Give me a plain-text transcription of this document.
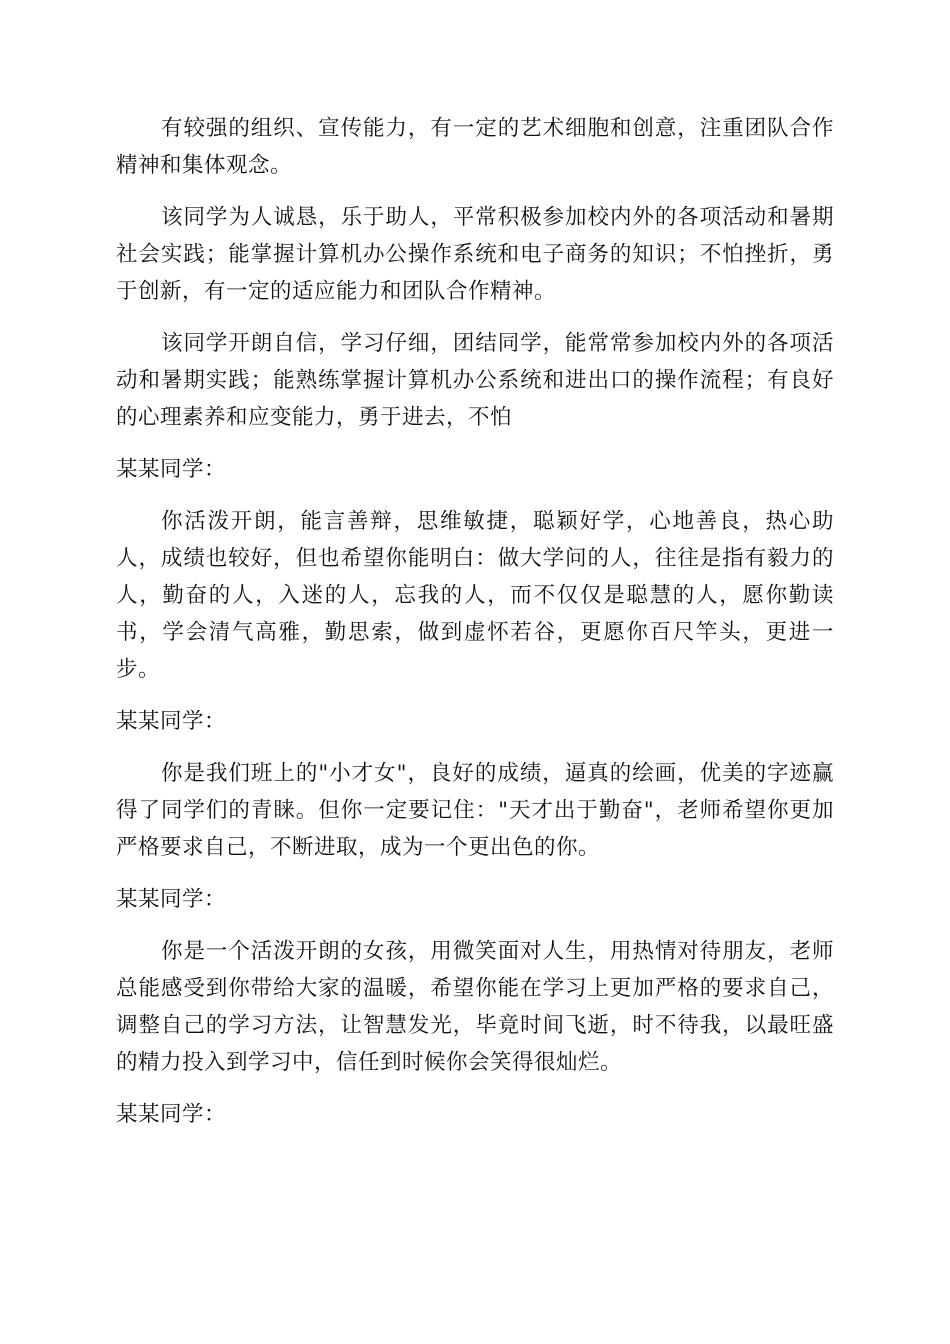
有较强的组织、宣传能力，有一定的艺术细胞和创意，注重团队合作精神和集体观念。

该同学为人诚恳，乐于助人，平常积极参加校内外的各项活动和暑期社会实践；能掌握计算机办公操作系统和电子商务的知识；不怕挫折，勇于创新，有一定的适应能力和团队合作精神。

该同学开朗自信，学习仔细，团结同学，能常常参加校内外的各项活动和暑期实践；能熟练掌握计算机办公系统和进出口的操作流程；有良好的心理素养和应变能力，勇于进去，不怕

某某同学：

你活泼开朗，能言善辩，思维敏捷，聪颖好学，心地善良，热心助人，成绩也较好，但也希望你能明白：做大学问的人，往往是指有毅力的人，勤奋的人，入迷的人，忘我的人，而不仅仅是聪慧的人，愿你勤读书，学会清气高雅，勤思索，做到虚怀若谷，更愿你百尺竿头，更进一步。

某某同学：

你是我们班上的"小才女"，良好的成绩，逼真的绘画，优美的字迹赢得了同学们的青睐。但你一定要记住："天才出于勤奋"，老师希望你更加严格要求自己，不断进取，成为一个更出色的你。

某某同学：

你是一个活泼开朗的女孩，用微笑面对人生，用热情对待朋友，老师总能感受到你带给大家的温暖，希望你能在学习上更加严格的要求自己，调整自己的学习方法，让智慧发光，毕竟时间飞逝，时不待我，以最旺盛的精力投入到学习中，信任到时候你会笑得很灿烂。

某某同学：
